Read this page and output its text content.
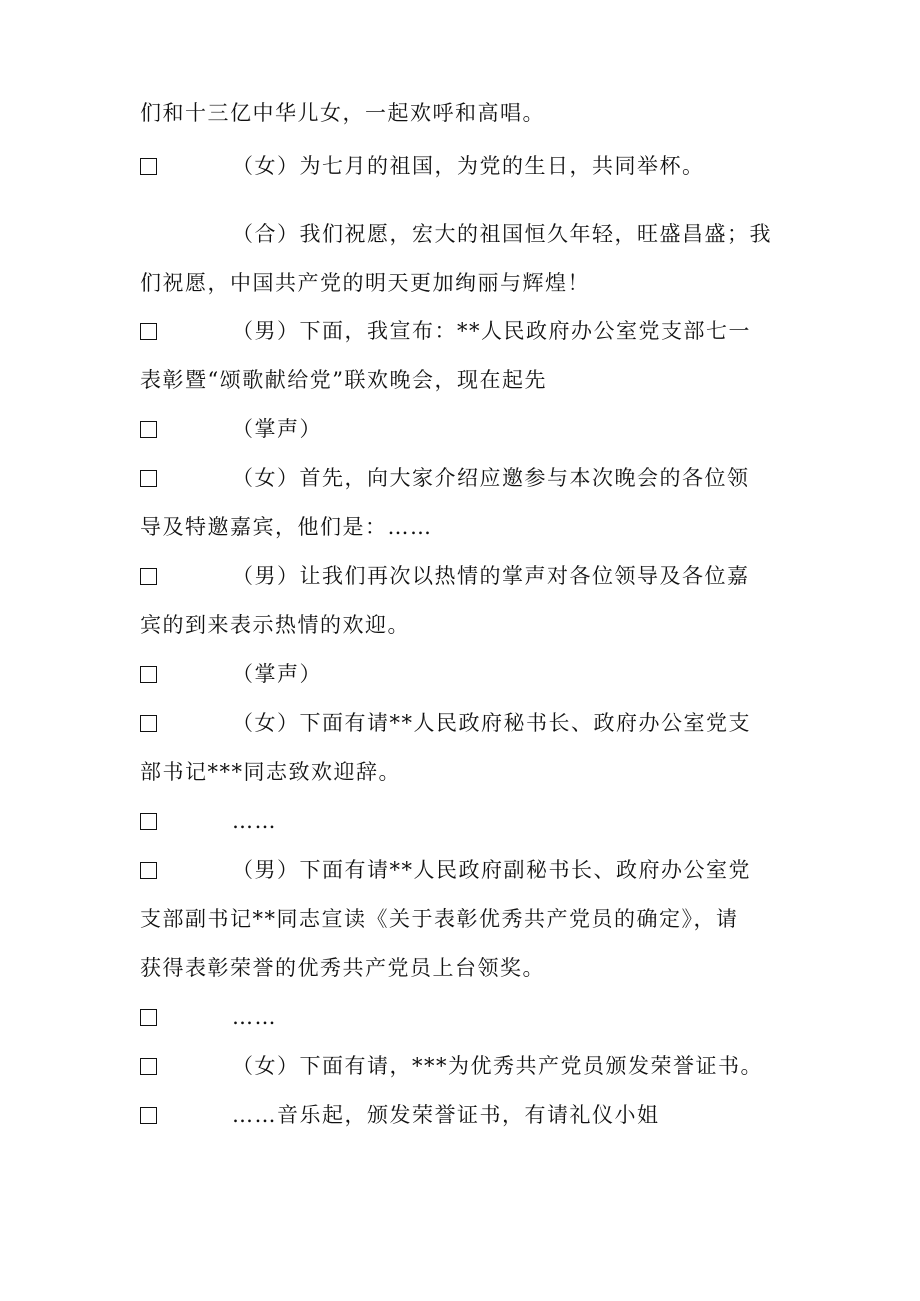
们和十三亿中华儿女，一起欢呼和高唱。
（女）为七月的祖国，为党的生日，共同举杯。
（合）我们祝愿，宏大的祖国恒久年轻，旺盛昌盛；我
们祝愿，中国共产党的明天更加绚丽与辉煌！
（男）下面，我宣布：**人民政府办公室党支部七一
表彰暨“颂歌献给党”联欢晚会，现在起先
（掌声）
（女）首先，向大家介绍应邀参与本次晚会的各位领
导及特邀嘉宾，他们是：……
（男）让我们再次以热情的掌声对各位领导及各位嘉
宾的到来表示热情的欢迎。
（掌声）
（女）下面有请**人民政府秘书长、政府办公室党支
部书记***同志致欢迎辞。
……
（男）下面有请**人民政府副秘书长、政府办公室党
支部副书记**同志宣读《关于表彰优秀共产党员的确定》，请
获得表彰荣誉的优秀共产党员上台领奖。
……
（女）下面有请，***为优秀共产党员颁发荣誉证书。
……音乐起，颁发荣誉证书，有请礼仪小姐
